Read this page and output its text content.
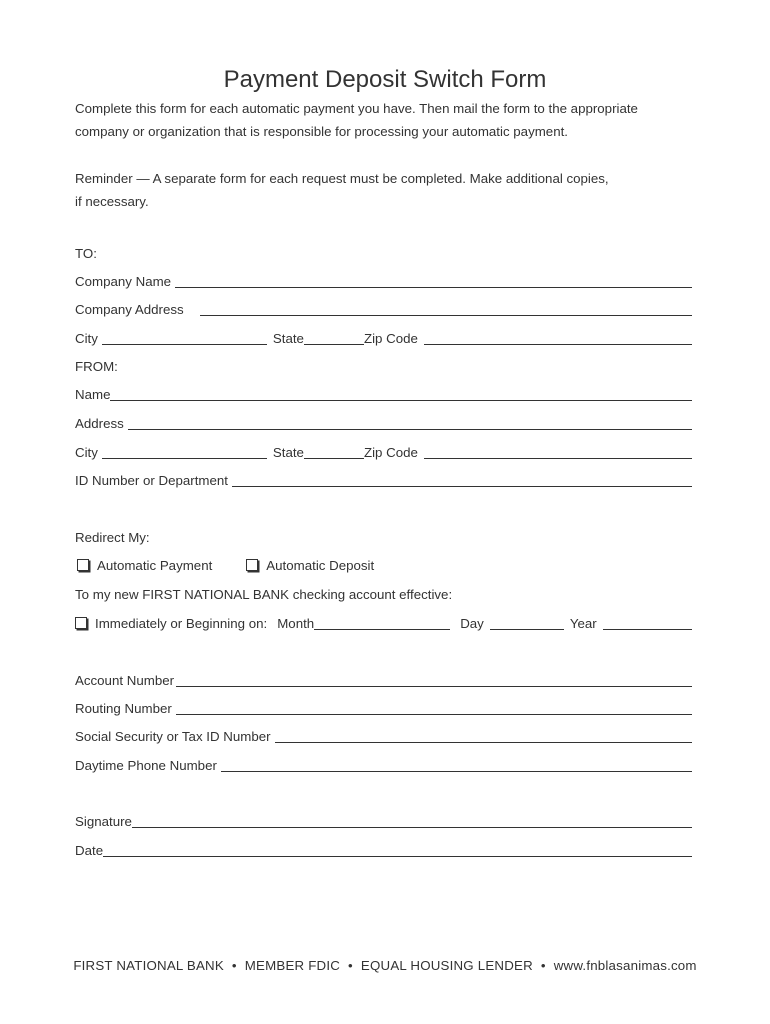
Payment Deposit Switch Form
Complete this form for each automatic payment you have. Then mail the form to the appropriate
company or organization that is responsible for processing your automatic payment.
Reminder — A separate form for each request must be completed. Make additional copies,
if necessary.
TO:
Company Name
Company Address
City	State	Zip Code
FROM:
Name
Address
City	State	Zip Code
ID Number or Department
Redirect My:
Automatic Payment	Automatic Deposit
To my new FIRST NATIONAL BANK checking account effective:
Immediately or Beginning on: Month	Day	Year
Account Number
Routing Number
Social Security or Tax ID Number
Daytime Phone Number
Signature
Date
FIRST NATIONAL BANK • MEMBER FDIC • EQUAL HOUSING LENDER • www.fnblasanimas.com
